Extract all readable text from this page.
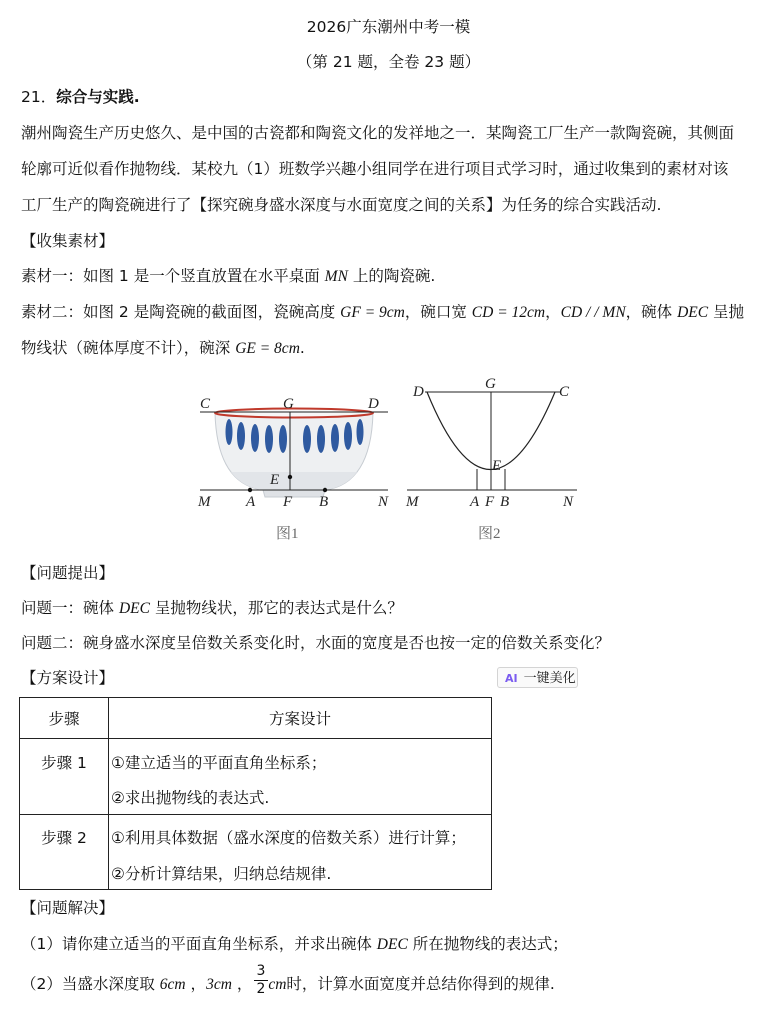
2026广东潮州中考一模
（第 21 题，全卷 23 题）
21．综合与实践.
潮州陶瓷生产历史悠久、是中国的古瓷都和陶瓷文化的发祥地之一．某陶瓷工厂生产一款陶瓷碗，其侧面
轮廓可近似看作抛物线．某校九（1）班数学兴趣小组同学在进行项目式学习时，通过收集到的素材对该
工厂生产的陶瓷碗进行了【探究碗身盛水深度与水面宽度之间的关系】为任务的综合实践活动.
【收集素材】
素材一：如图 1 是一个竖直放置在水平桌面 MN 上的陶瓷碗.
素材二：如图 2 是陶瓷碗的截面图，瓷碗高度 GF = 9cm，碗口宽 CD = 12cm，CD / / MN，碗体 DEC 呈抛
物线状（碗体厚度不计），碗深 GE = 8cm.
C	G	D
E
M A F B	N
图1
D	G	C
E
M	A F B	N
图2
【问题提出】
问题一：碗体 DEC 呈抛物线状，那它的表达式是什么？
问题二：碗身盛水深度呈倍数关系变化时，水面的宽度是否也按一定的倍数关系变化？
【方案设计】	AI 一键美化
步骤	方案设计
步骤 1	①建立适当的平面直角坐标系；
②求出抛物线的表达式.

步骤 2	①利用具体数据（盛水深度的倍数关系）进行计算；
②分析计算结果，归纳总结规律.
【问题解决】
（1）请你建立适当的平面直角坐标系，并求出碗体 DEC 所在抛物线的表达式；
（2）当盛水深度取 6cm ，3cm ， cm时，计算水面宽度并总结你得到的规律.
$\frac{3}{2}$
